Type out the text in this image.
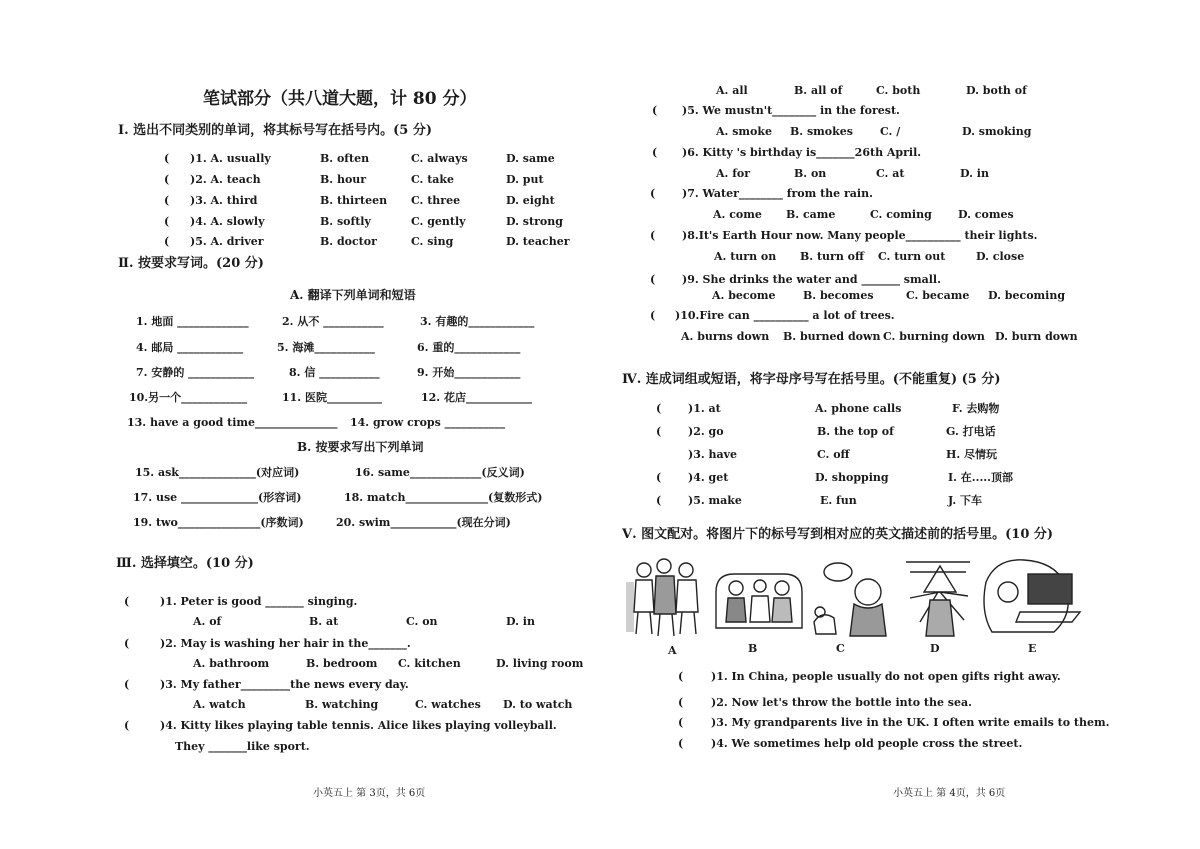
笔试部分（共八道大题，计 80 分）
Ⅰ. 选出不同类别的单词，将其标号写在括号内。(5 分)
( )1. A. usually	B. often	C. always	D. same
( )2. A. teach	B. hour	C. take	D. put
( )3. A. third	B. thirteen C. three	D. eight
( )4. A. slowly	B. softly	C. gently	D. strong
( )5. A. driver	B. doctor	C. sing	D. teacher
Ⅱ. 按要求写词。(20 分)
A. 翻译下列单词和短语
1. 地面 _____________	2. 从不 ___________	3. 有趣的____________
4. 邮局 ____________	5. 海滩___________	6. 重的____________
7. 安静的 ____________	8. 信 ___________	9. 开始____________
10.另一个____________	11. 医院__________	12. 花店____________
13. have a good time_______________ 14. grow crops ___________
B. 按要求写出下列单词
15. ask______________(对应词)	16. same_____________(反义词)
17. use ______________(形容词)	18. match_______________(复数形式)
19. two_______________(序数词)	20. swim____________(现在分词)
Ⅲ. 选择填空。(10 分)
(	)1. Peter is good _______ singing.
A. of	B. at	C. on	D. in
(	)2. May is washing her hair in the_______.
A. bathroom	B. bedroom C. kitchen	D. living room
(	)3. My father_________the news every day.
A. watch	B. watching	C. watches D. to watch
(	)4. Kitty likes playing table tennis. Alice likes playing volleyball.
They _______like sport.
小英五上 第 3页，共 6页
A. all	B. all of	C. both	D. both of
( )5. We mustn't________ in the forest.
A. smoke B. smokes C. /	D. smoking
( )6. Kitty 's birthday is_______26th April.
A. for	B. on	C. at	D. in
( )7. Water________ from the rain.
A. come B. came	C. coming D. comes
( )8.It's Earth Hour now. Many people__________ their lights.
A. turn on B. turn off C. turn out	D. close
( )9. She drinks the water and _______ small.
A. become B. becomes	C. became D. becoming
( )10.Fire can __________ a lot of trees.
A. burns down B. burned down C. burning down D. burn down
Ⅳ. 连成词组或短语，将字母序号写在括号里。(不能重复) (5 分)
( )1. at	A. phone calls	F. 去购物
( )2. go	B. the top of	G. 打电话
)3. have	C. off	H. 尽情玩
( )4. get	D. shopping	I. 在.....顶部
( )5. make	E. fun	J. 下车
Ⅴ. 图文配对。将图片下的标号写到相对应的英文描述前的括号里。(10 分)
A	B	C	D	E
(	)1. In China, people usually do not open gifts right away.
(	)2. Now let's throw the bottle into the sea.
(	)3. My grandparents live in the UK. I often write emails to them.
(	)4. We sometimes help old people cross the street.
小英五上 第 4页，共 6页
